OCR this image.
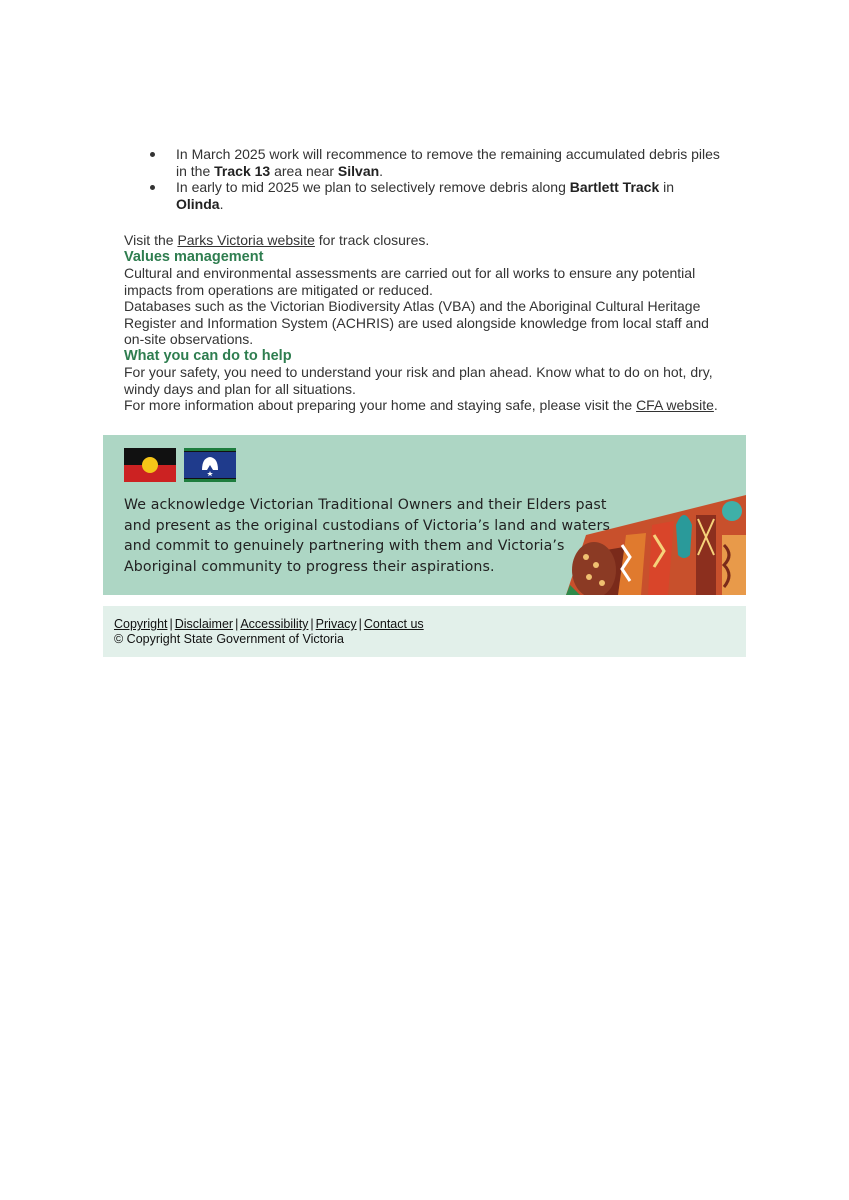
In March 2025 work will recommence to remove the remaining accumulated debris piles in the Track 13 area near Silvan.
In early to mid 2025 we plan to selectively remove debris along Bartlett Track in Olinda.

Visit the Parks Victoria website for track closures.

Values management

Cultural and environmental assessments are carried out for all works to ensure any potential impacts from operations are mitigated or reduced.

Databases such as the Victorian Biodiversity Atlas (VBA) and the Aboriginal Cultural Heritage Register and Information System (ACHRIS) are used alongside knowledge from local staff and on-site observations.

What you can do to help

For your safety, you need to understand your risk and plan ahead. Know what to do on hot, dry, windy days and plan for all situations.

For more information about preparing your home and staying safe, please visit the CFA website.

We acknowledge Victorian Traditional Owners and their Elders past and present as the original custodians of Victoria’s land and waters and commit to genuinely partnering with them and Victoria’s Aboriginal community to progress their aspirations.
Copyright | Disclaimer | Accessibility | Privacy | Contact us
© Copyright State Government of Victoria
